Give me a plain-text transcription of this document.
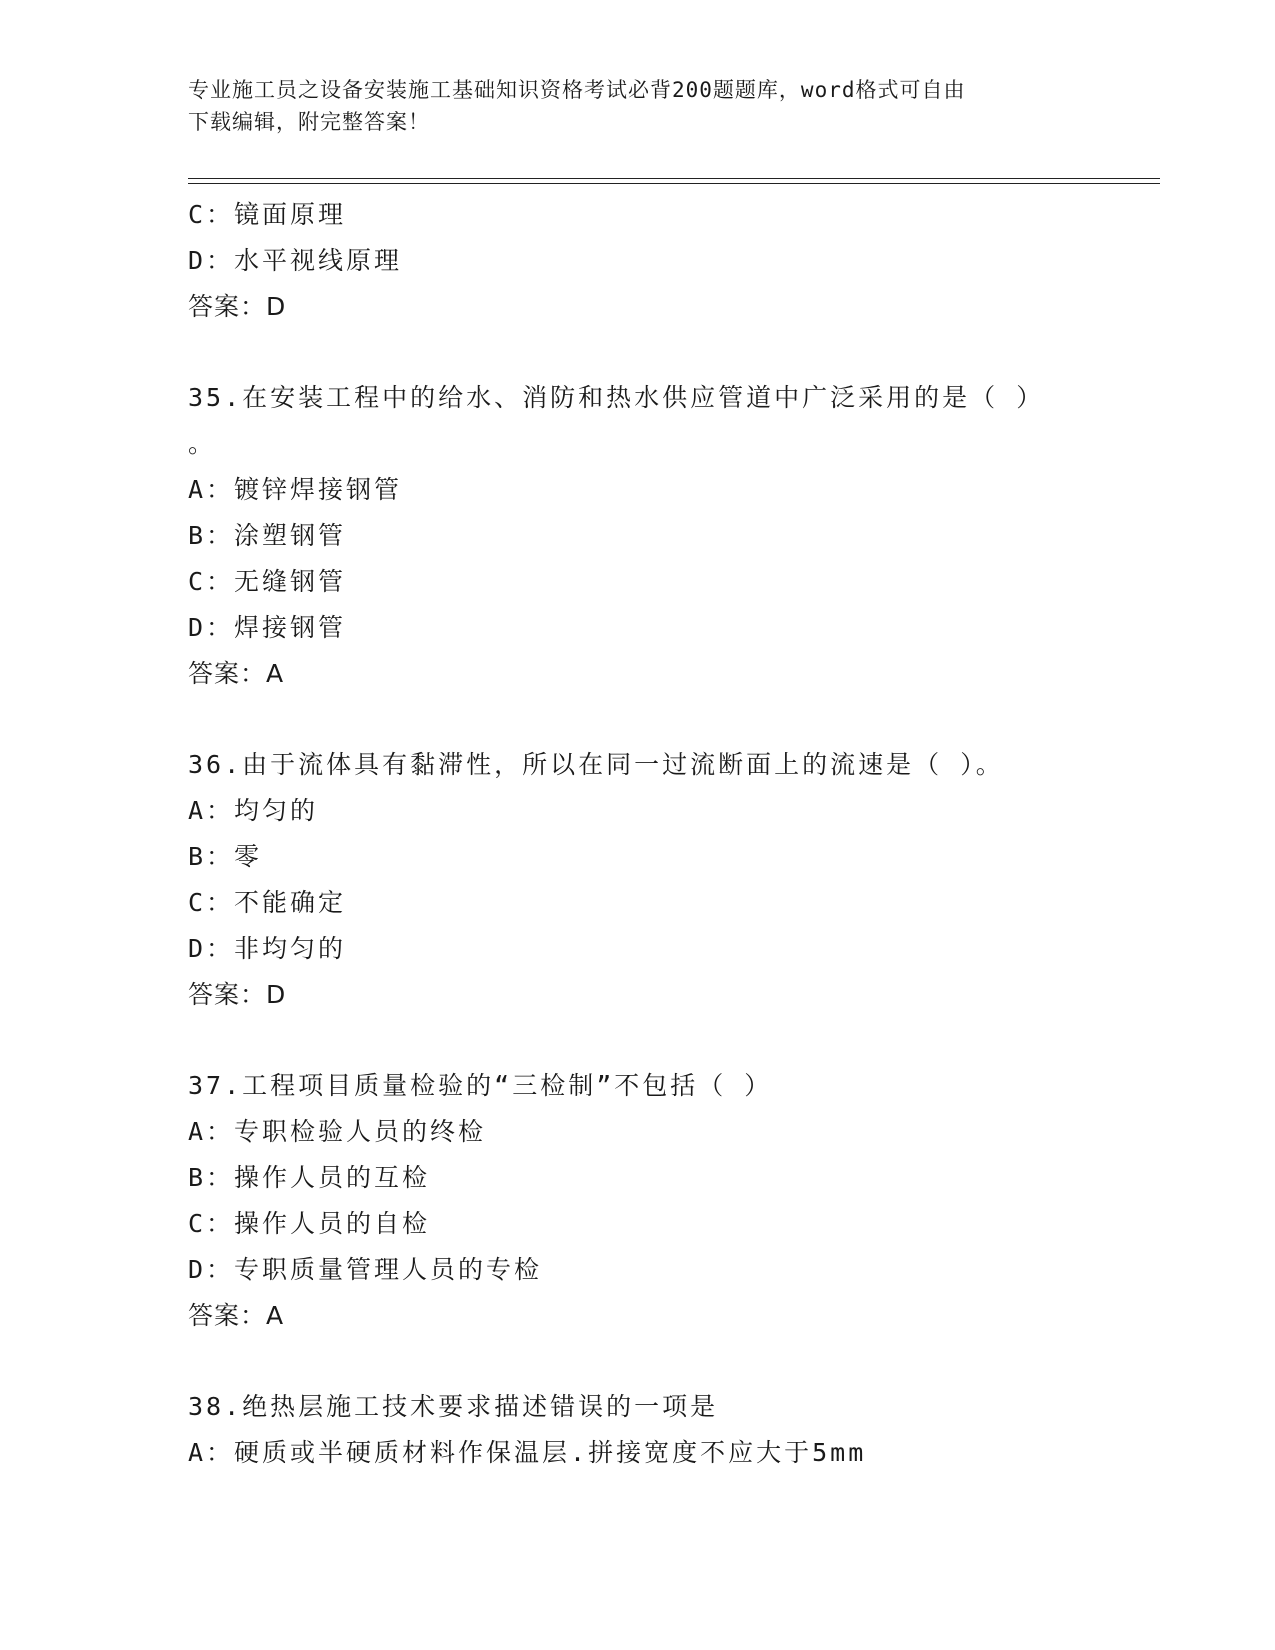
专业施工员之设备安装施工基础知识资格考试必背200题题库，word格式可自由
下载编辑，附完整答案！
C：镜面原理
D：水平视线原理
答案：D
35.在安装工程中的给水、消防和热水供应管道中广泛采用的是（ ）
。
A：镀锌焊接钢管
B：涂塑钢管
C：无缝钢管
D：焊接钢管
答案：A
36.由于流体具有黏滞性，所以在同一过流断面上的流速是（ ）。
A：均匀的
B：零
C：不能确定
D：非均匀的
答案：D
37.工程项目质量检验的“三检制”不包括（ ）
A：专职检验人员的终检
B：操作人员的互检
C：操作人员的自检
D：专职质量管理人员的专检
答案：A
38.绝热层施工技术要求描述错误的一项是
A：硬质或半硬质材料作保温层.拼接宽度不应大于5mm
